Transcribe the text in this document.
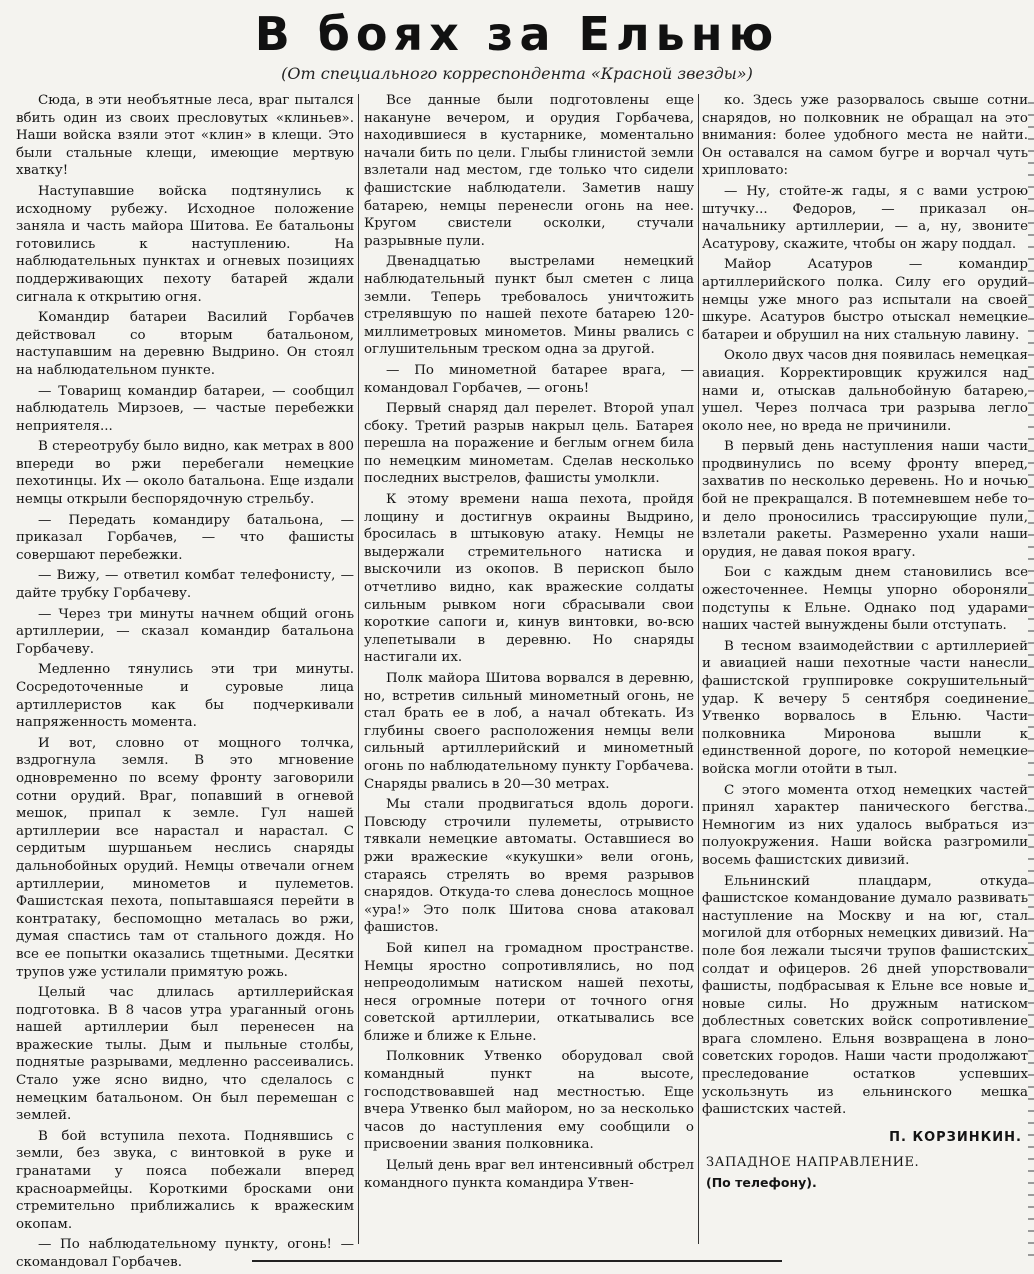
В боях за Ельню
(От специального корреспондента «Красной звезды»)

Сюда, в эти необъятные леса, враг пытался вбить один из своих пресловутых «клиньев». Наши войска взяли этот «клин» в клещи. Это были стальные клещи, имеющие мертвую хватку!

Наступавшие войска подтянулись к исходному рубежу. Исходное положение заняла и часть майора Шитова. Ее батальоны готовились к наступлению. На наблюдательных пунктах и огневых позициях поддерживающих пехоту батарей ждали сигнала к открытию огня.

Командир батареи Василий Горбачев действовал со вторым батальоном, наступавшим на деревню Выдрино. Он стоял на наблюдательном пункте.

— Товарищ командир батареи, — сообщил наблюдатель Мирзоев, — частые перебежки неприятеля...

В стереотрубу было видно, как метрах в 800 впереди во ржи перебегали немецкие пехотинцы. Их — около батальона. Еще издали немцы открыли беспорядочную стрельбу.

— Передать командиру батальона, — приказал Горбачев, — что фашисты совершают перебежки.

— Вижу, — ответил комбат телефонисту, — дайте трубку Горбачеву.

— Через три минуты начнем общий огонь артиллерии, — сказал командир батальона Горбачеву.

Медленно тянулись эти три минуты. Сосредоточенные и суровые лица артиллеристов как бы подчеркивали напряженность момента.

И вот, словно от мощного толчка, вздрогнула земля. В это мгновение одновременно по всему фронту заговорили сотни орудий. Враг, попавший в огневой мешок, припал к земле. Гул нашей артиллерии все нарастал и нарастал. С сердитым шуршаньем неслись снаряды дальнобойных орудий. Немцы отвечали огнем артиллерии, минометов и пулеметов. Фашистская пехота, попытавшаяся перейти в контратаку, беспомощно металась во ржи, думая спастись там от стального дождя. Но все ее попытки оказались тщетными. Десятки трупов уже устилали примятую рожь.

Целый час длилась артиллерийская подготовка. В 8 часов утра ураганный огонь нашей артиллерии был перенесен на вражеские тылы. Дым и пыльные столбы, поднятые разрывами, медленно рассеивались. Стало уже ясно видно, что сделалось с немецким батальоном. Он был перемешан с землей.

В бой вступила пехота. Поднявшись с земли, без звука, с винтовкой в руке и гранатами у пояса побежали вперед красноармейцы. Короткими бросками они стремительно приближались к вражеским окопам.

— По наблюдательному пункту, огонь! — скомандовал Горбачев.

Все данные были подготовлены еще накануне вечером, и орудия Горбачева, находившиеся в кустарнике, моментально начали бить по цели. Глыбы глинистой земли взлетали над местом, где только что сидели фашистские наблюдатели. Заметив нашу батарею, немцы перенесли огонь на нее. Кругом свистели осколки, стучали разрывные пули.

Двенадцатью выстрелами немецкий наблюдательный пункт был сметен с лица земли. Теперь требовалось уничтожить стрелявшую по нашей пехоте батарею 120-миллиметровых минометов. Мины рвались с оглушительным треском одна за другой.

— По минометной батарее врага, — командовал Горбачев, — огонь!

Первый снаряд дал перелет. Второй упал сбоку. Третий разрыв накрыл цель. Батарея перешла на поражение и беглым огнем била по немецким минометам. Сделав несколько последних выстрелов, фашисты умолкли.

К этому времени наша пехота, пройдя лощину и достигнув окраины Выдрино, бросилась в штыковую атаку. Немцы не выдержали стремительного натиска и выскочили из окопов. В перископ было отчетливо видно, как вражеские солдаты сильным рывком ноги сбрасывали свои короткие сапоги и, кинув винтовки, во-всю улепетывали в деревню. Но снаряды настигали их.

Полк майора Шитова ворвался в деревню, но, встретив сильный минометный огонь, не стал брать ее в лоб, а начал обтекать. Из глубины своего расположения немцы вели сильный артиллерийский и минометный огонь по наблюдательному пункту Горбачева. Снаряды рвались в 20—30 метрах.

Мы стали продвигаться вдоль дороги. Повсюду строчили пулеметы, отрывисто тявкали немецкие автоматы. Оставшиеся во ржи вражеские «кукушки» вели огонь, стараясь стрелять во время разрывов снарядов. Откуда-то слева донеслось мощное «ура!» Это полк Шитова снова атаковал фашистов.

Бой кипел на громадном пространстве. Немцы яростно сопротивлялись, но под непреодолимым натиском нашей пехоты, неся огромные потери от точного огня советской артиллерии, откатывались все ближе и ближе к Ельне.

Полковник Утвенко оборудовал свой командный пункт на высоте, господствовавшей над местностью. Еще вчера Утвенко был майором, но за несколько часов до наступления ему сообщили о присвоении звания полковника.

Целый день враг вел интенсивный обстрел командного пункта командира Утвен-

ко. Здесь уже разорвалось свыше сотни снарядов, но полковник не обращал на это внимания: более удобного места не найти. Он оставался на самом бугре и ворчал чуть хрипловато:

— Ну, стойте-ж гады, я с вами устрою штучку... Федоров, — приказал он начальнику артиллерии, — а, ну, звоните Асатурову, скажите, чтобы он жару поддал.

Майор Асатуров — командир артиллерийского полка. Силу его орудий немцы уже много раз испытали на своей шкуре. Асатуров быстро отыскал немецкие батареи и обрушил на них стальную лавину.

Около двух часов дня появилась немецкая авиация. Корректировщик кружился над нами и, отыскав дальнобойную батарею, ушел. Через полчаса три разрыва легло около нее, но вреда не причинили.

В первый день наступления наши части продвинулись по всему фронту вперед, захватив по несколько деревень. Но и ночью бой не прекращался. В потемневшем небе то и дело проносились трассирующие пули, взлетали ракеты. Размеренно ухали наши орудия, не давая покоя врагу.

Бои с каждым днем становились все ожесточеннее. Немцы упорно обороняли подступы к Ельне. Однако под ударами наших частей вынуждены были отступать.

В тесном взаимодействии с артиллерией и авиацией наши пехотные части нанесли фашистской группировке сокрушительный удар. К вечеру 5 сентября соединение Утвенко ворвалось в Ельню. Части полковника Миронова вышли к единственной дороге, по которой немецкие войска могли отойти в тыл.

С этого момента отход немецких частей принял характер панического бегства. Немногим из них удалось выбраться из полуокружения. Наши войска разгромили восемь фашистских дивизий.

Ельнинский плацдарм, откуда фашистское командование думало развивать наступление на Москву и на юг, стал могилой для отборных немецких дивизий. На поле боя лежали тысячи трупов фашистских солдат и офицеров. 26 дней упорствовали фашисты, подбрасывая к Ельне все новые и новые силы. Но дружным натиском доблестных советских войск сопротивление врага сломлено. Ельня возвращена в лоно советских городов. Наши части продолжают преследование остатков успевших ускользнуть из ельнинского мешка фашистских частей.

П. КОРЗИНКИН.
ЗАПАДНОЕ НАПРАВЛЕНИЕ.
(По телефону).
